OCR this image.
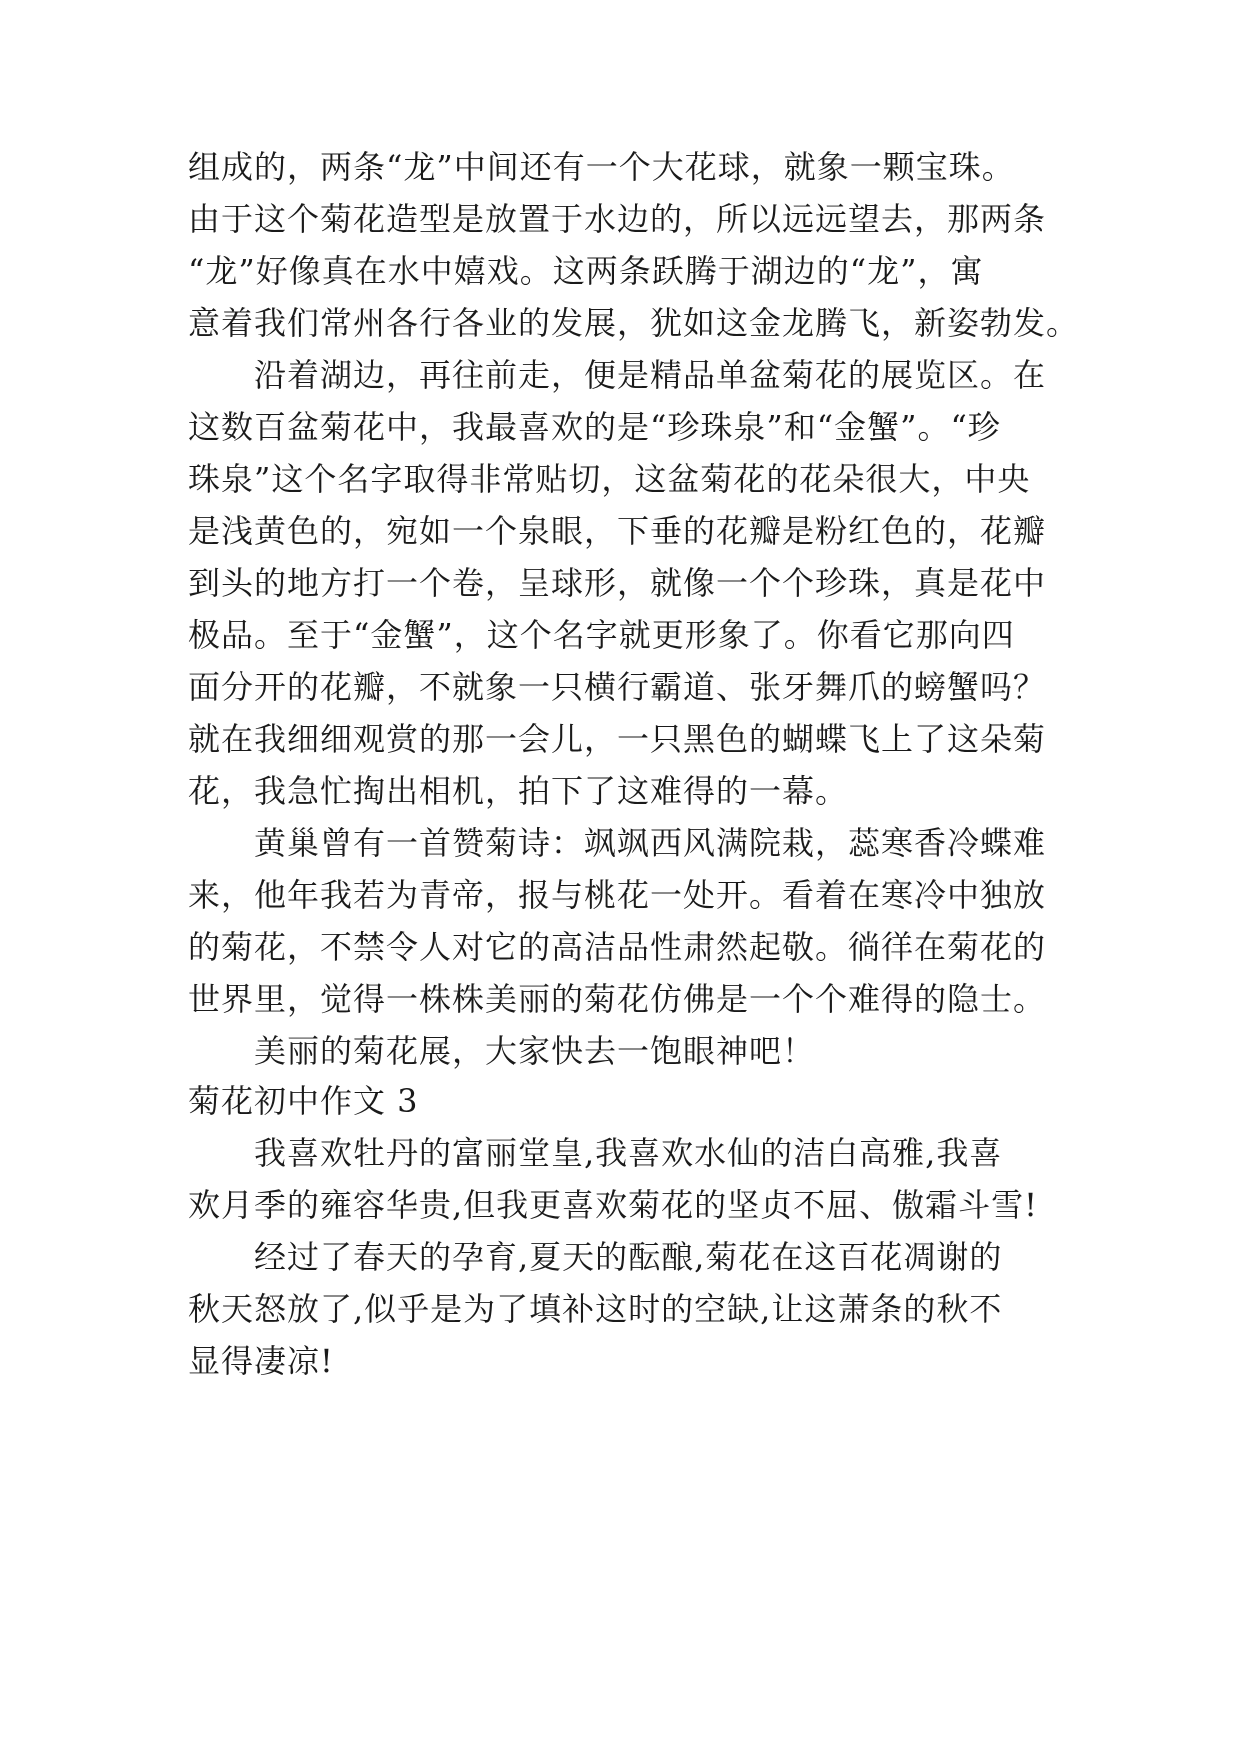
组成的，两条“龙”中间还有一个大花球，就象一颗宝珠。
由于这个菊花造型是放置于水边的，所以远远望去，那两条
“龙”好像真在水中嬉戏。这两条跃腾于湖边的“龙”，寓
意着我们常州各行各业的发展，犹如这金龙腾飞，新姿勃发。
沿着湖边，再往前走，便是精品单盆菊花的展览区。在
这数百盆菊花中，我最喜欢的是“珍珠泉”和“金蟹”。“珍
珠泉”这个名字取得非常贴切，这盆菊花的花朵很大，中央
是浅黄色的，宛如一个泉眼，下垂的花瓣是粉红色的，花瓣
到头的地方打一个卷，呈球形，就像一个个珍珠，真是花中
极品。至于“金蟹”，这个名字就更形象了。你看它那向四
面分开的花瓣，不就象一只横行霸道、张牙舞爪的螃蟹吗？
就在我细细观赏的那一会儿，一只黑色的蝴蝶飞上了这朵菊
花，我急忙掏出相机，拍下了这难得的一幕。
黄巢曾有一首赞菊诗：飒飒西风满院栽，蕊寒香冷蝶难
来，他年我若为青帝，报与桃花一处开。看着在寒冷中独放
的菊花，不禁令人对它的高洁品性肃然起敬。徜徉在菊花的
世界里，觉得一株株美丽的菊花仿佛是一个个难得的隐士。
美丽的菊花展，大家快去一饱眼神吧！
菊花初中作文 3
我喜欢牡丹的富丽堂皇,我喜欢水仙的洁白高雅,我喜
欢月季的雍容华贵,但我更喜欢菊花的坚贞不屈、傲霜斗雪!
经过了春天的孕育,夏天的酝酿,菊花在这百花凋谢的
秋天怒放了,似乎是为了填补这时的空缺,让这萧条的秋不
显得凄凉!
